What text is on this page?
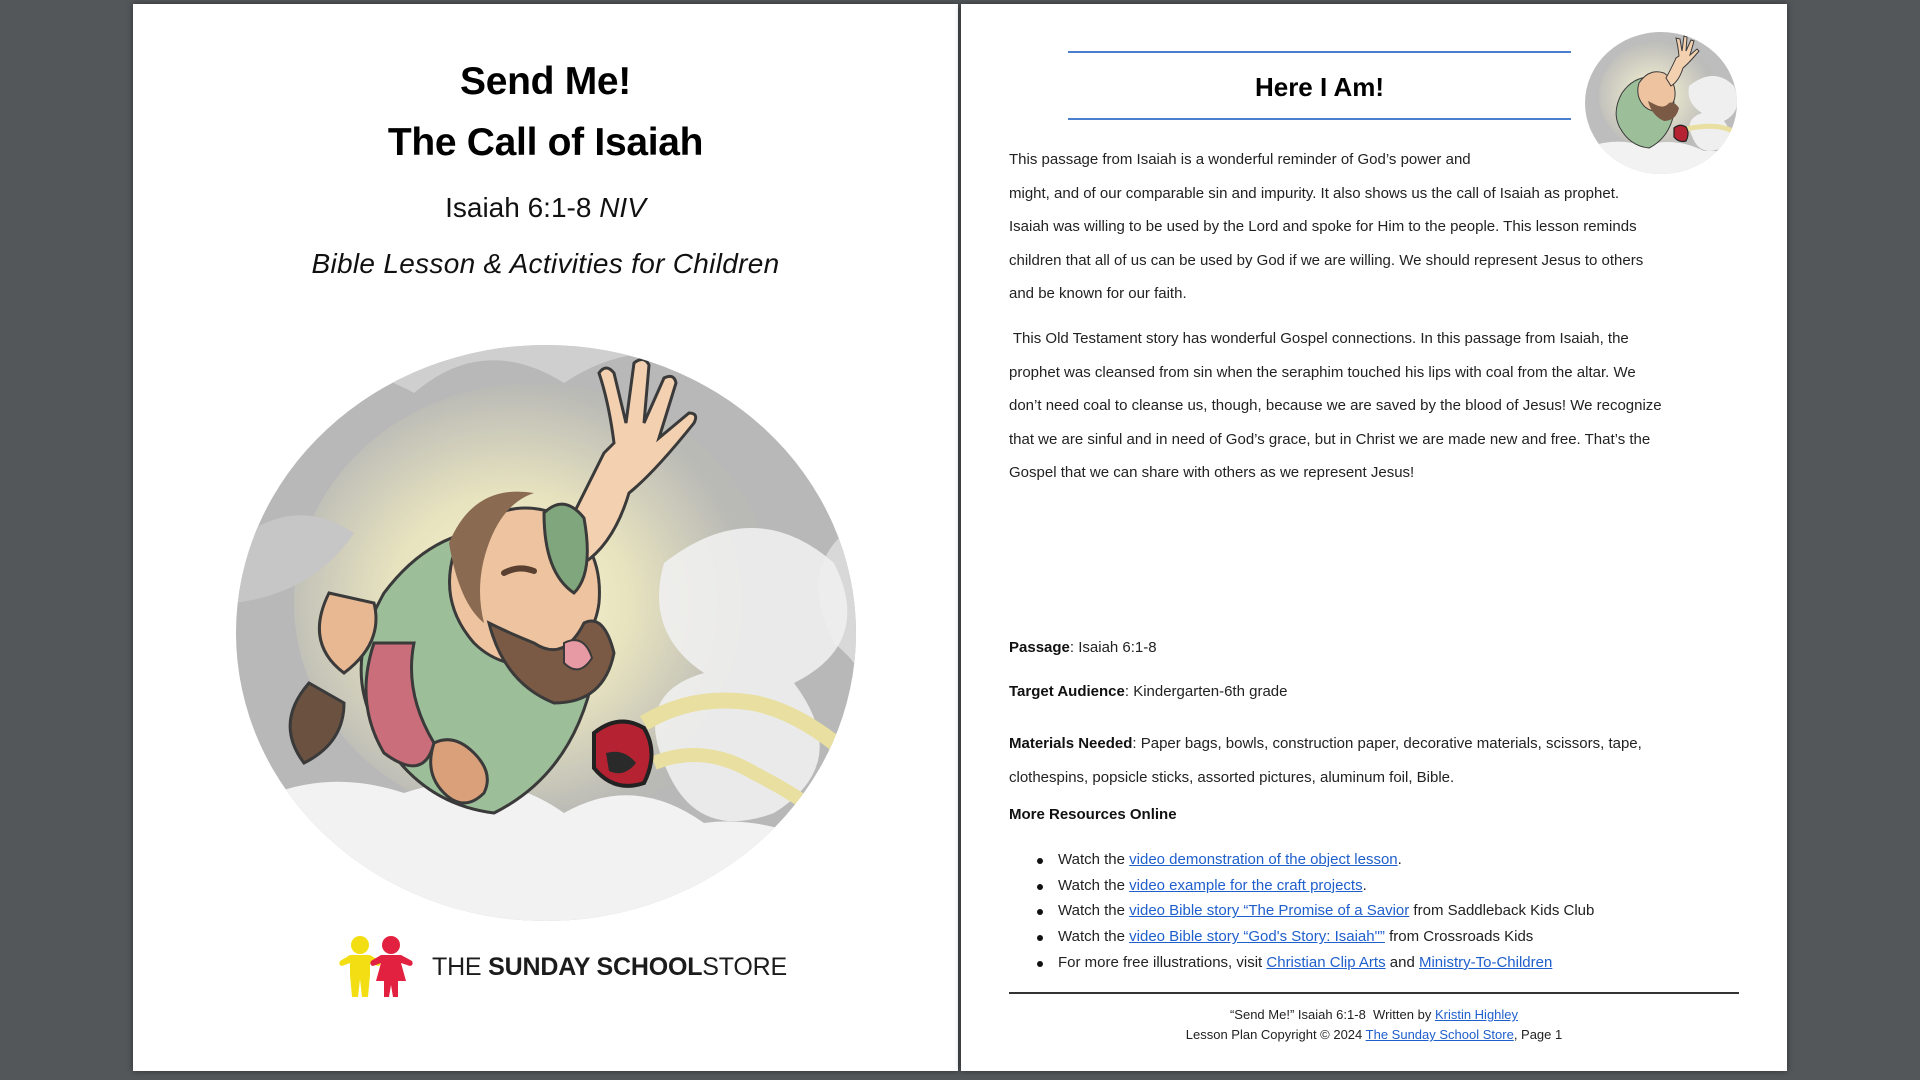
Send Me!
The Call of Isaiah
Isaiah 6:1-8 NIV
Bible Lesson & Activities for Children
THE SUNDAY SCHOOLSTORE
Here I Am!
This passage from Isaiah is a wonderful reminder of God’s power and
might, and of our comparable sin and impurity. It also shows us the call of Isaiah as prophet.
Isaiah was willing to be used by the Lord and spoke for Him to the people. This lesson reminds
children that all of us can be used by God if we are willing. We should represent Jesus to others
and be known for our faith.
This Old Testament story has wonderful Gospel connections. In this passage from Isaiah, the
prophet was cleansed from sin when the seraphim touched his lips with coal from the altar. We
don’t need coal to cleanse us, though, because we are saved by the blood of Jesus! We recognize
that we are sinful and in need of God’s grace, but in Christ we are made new and free. That’s the
Gospel that we can share with others as we represent Jesus!
Passage: Isaiah 6:1-8
Target Audience: Kindergarten-6th grade
Materials Needed: Paper bags, bowls, construction paper, decorative materials, scissors, tape,
clothespins, popsicle sticks, assorted pictures, aluminum foil, Bible.
More Resources Online
Watch the video demonstration of the object lesson.
Watch the video example for the craft projects.
Watch the video Bible story “The Promise of a Savior from Saddleback Kids Club
Watch the video Bible story “God's Story: Isaiah"” from Crossroads Kids
For more free illustrations, visit Christian Clip Arts and Ministry-To-Children
“Send Me!” Isaiah 6:1-8  Written by Kristin Highley
Lesson Plan Copyright © 2024 The Sunday School Store, Page 1
